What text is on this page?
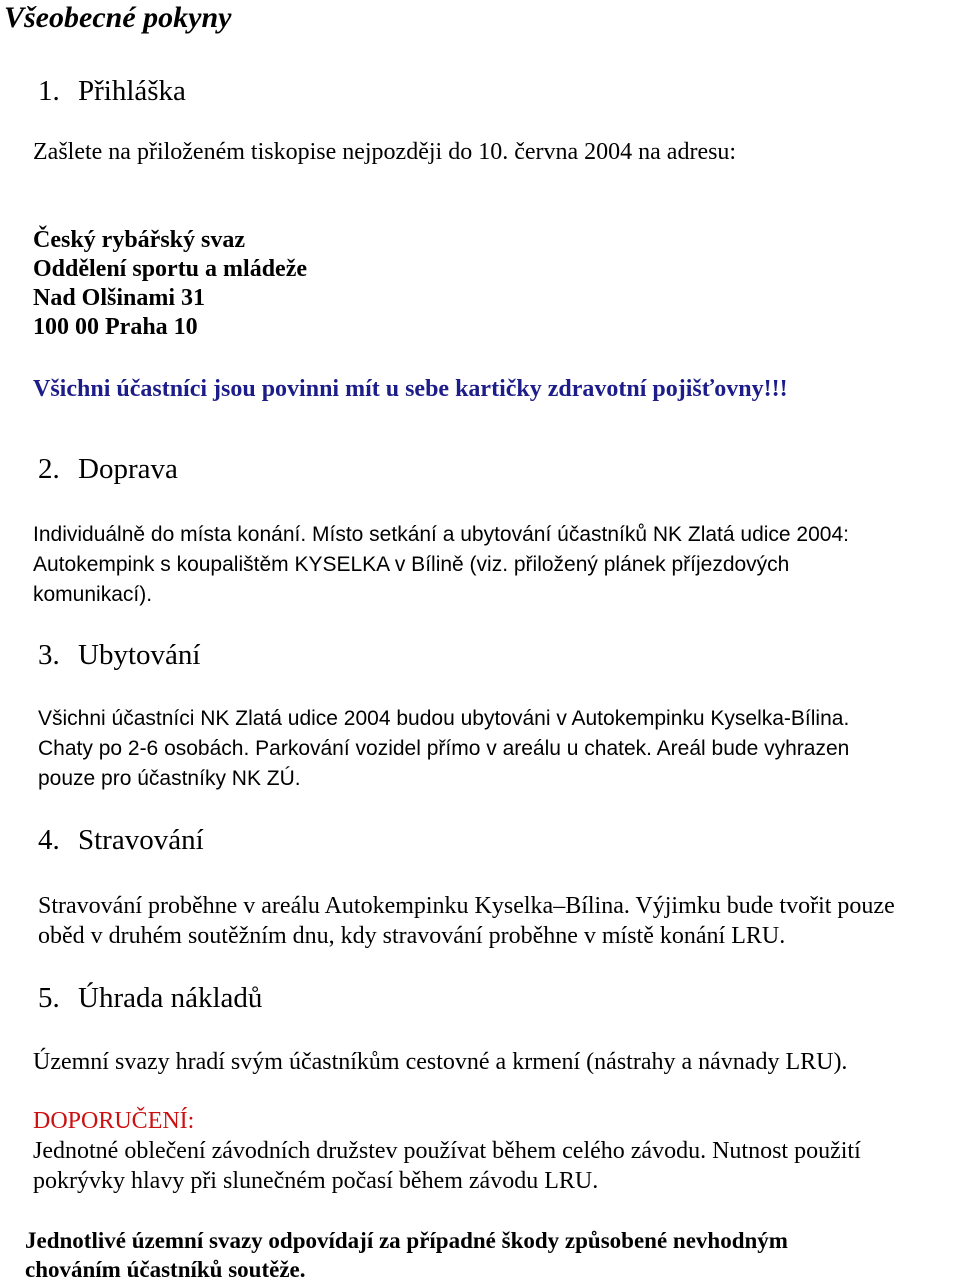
Všeobecné pokyny
1. Přihláška

Zašlete na přiloženém tiskopise nejpozději do 10. června 2004 na adresu:

Český rybářský svaz
Oddělení sportu a mládeže
Nad Olšinami 31
100 00 Praha 10

Všichni účastníci jsou povinni mít u sebe kartičky zdravotní pojišťovny!!!

2. Doprava
Individuálně do místa konání. Místo setkání a ubytování účastníků NK Zlatá udice 2004:
Autokempink s koupalištěm KYSELKA v Bílině (viz. přiložený plánek příjezdových
komunikací).
3. Ubytování
Všichni účastníci NK Zlatá udice 2004 budou ubytováni v Autokempinku Kyselka-Bílina.
Chaty po 2-6 osobách. Parkování vozidel přímo v areálu u chatek. Areál bude vyhrazen
pouze pro účastníky NK ZÚ.
4. Stravování
Stravování proběhne v areálu Autokempinku Kyselka–Bílina. Výjimku bude tvořit pouze
oběd v druhém soutěžním dnu, kdy stravování proběhne v místě konání LRU.
5. Úhrada nákladů

Územní svazy hradí svým účastníkům cestovné a krmení (nástrahy a návnady LRU).

DOPORUČENÍ:

Jednotné oblečení závodních družstev používat během celého závodu. Nutnost použití
pokrývky hlavy při slunečném počasí během závodu LRU.
Jednotlivé územní svazy odpovídají za případné škody způsobené nevhodným
chováním účastníků soutěže.
